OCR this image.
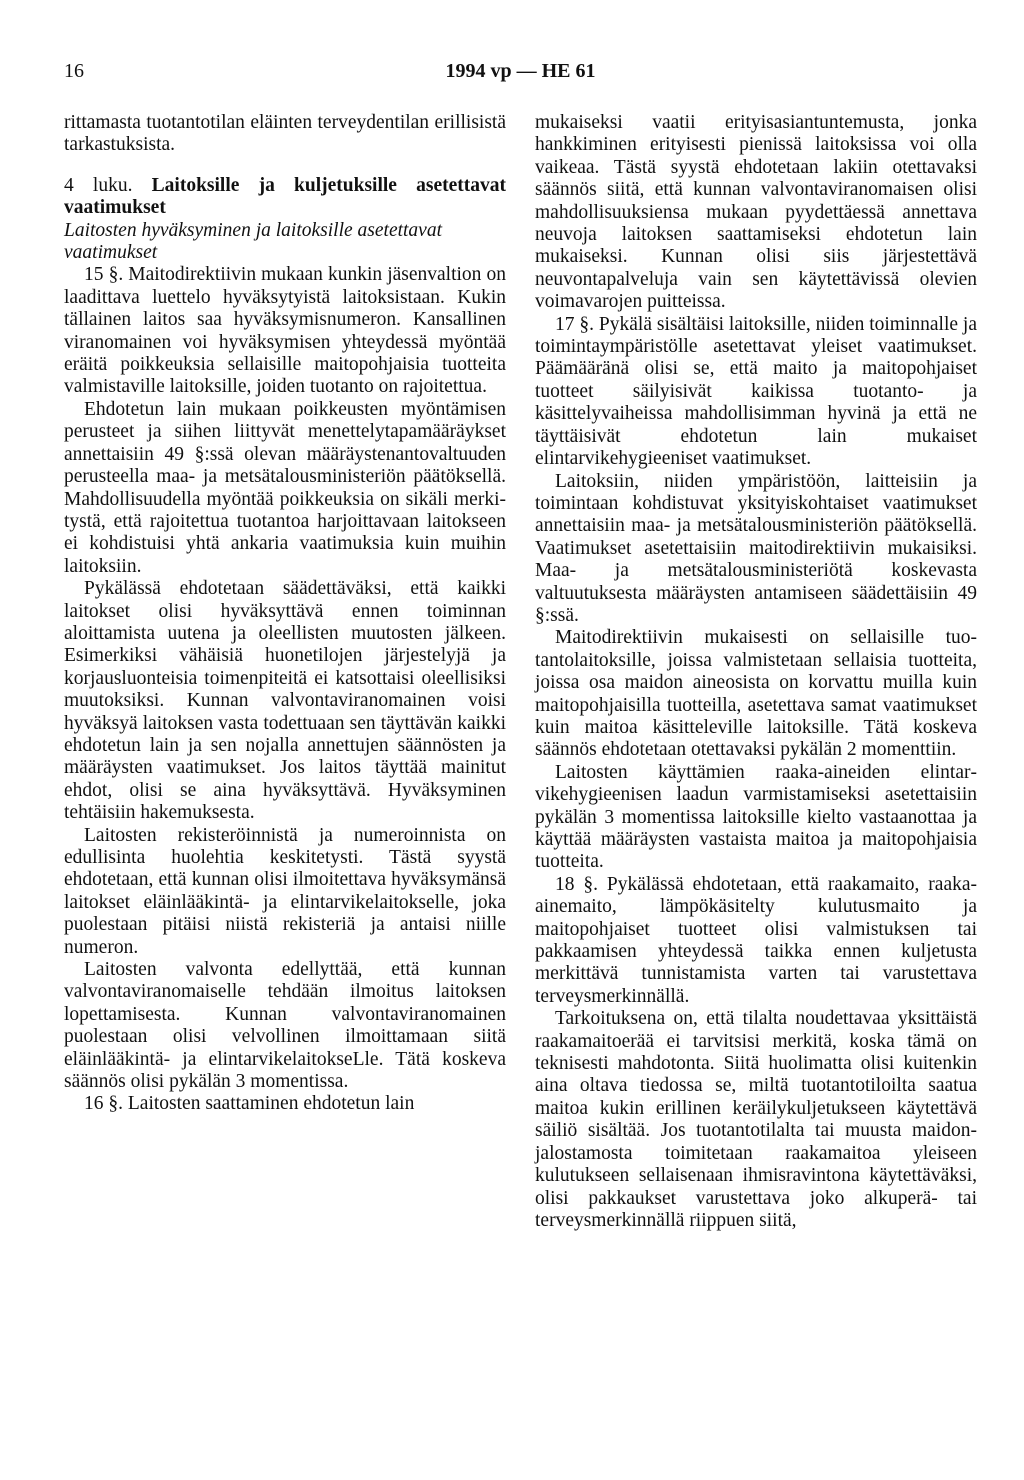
16	1994 vp — HE 61

rittamasta tuotantotilan eläinten terveydentilan erillisistä tarkastuksista.

4 luku. Laitoksille ja kuljetuksille asetettavat vaatimukset

Laitosten hyväksyminen ja laitoksille asetettavat vaatimukset

15 §. Maitodirektiivin mukaan kunkin jäsenvaltion on laadittava luettelo hyväksytyistä laitoksistaan. Kukin tällainen laitos saa hyväksymisnumeron. Kansallinen viranomainen voi hyväksymisen yhteydessä myöntää eräitä poikkeuksia sellaisille maitopohjaisia tuotteita valmistaville laitoksille, joiden tuotanto on rajoitettua.

Ehdotetun lain mukaan poikkeusten myöntämisen perusteet ja siihen liittyvät menettelytapamääräykset annettaisiin 49 §:ssä olevan määräystenantovaltuuden perusteella maa- ja metsätalousministeriön päätöksellä. Mahdollisuudella myöntää poikkeuksia on sikäli merkitystä, että rajoitettua tuotantoa harjoittavaan laitokseen ei kohdistuisi yhtä ankaria vaatimuksia kuin muihin laitoksiin.

Pykälässä ehdotetaan säädettäväksi, että kaikki laitokset olisi hyväksyttävä ennen toiminnan aloittamista uutena ja oleellisten muutosten jälkeen. Esimerkiksi vähäisiä huonetilojen järjestelyjä ja korjausluonteisia toimenpiteitä ei katsottaisi oleellisiksi muutoksiksi. Kunnan valvontaviranomainen voisi hyväksyä laitoksen vasta todettuaan sen täyttävän kaikki ehdotetun lain ja sen nojalla annettujen säännösten ja määräysten vaatimukset. Jos laitos täyttää mainitut ehdot, olisi se aina hyväksyttävä. Hyväksyminen tehtäisiin hakemuksesta.

Laitosten rekisteröinnistä ja numeroinnista on edullisinta huolehtia keskitetysti. Tästä syystä ehdotetaan, että kunnan olisi ilmoitettava hyväksymänsä laitokset eläinlääkintä- ja elintarvikelaitokselle, joka puolestaan pitäisi niistä rekisteriä ja antaisi niille numeron.

Laitosten valvonta edellyttää, että kunnan valvontaviranomaiselle tehdään ilmoitus laitoksen lopettamisesta. Kunnan valvontaviranomainen puolestaan olisi velvollinen ilmoittamaan siitä eläinlääkintä- ja elintarvikelaitokseLle. Tätä koskeva säännös olisi pykälän 3 momentissa.

16 §. Laitosten saattaminen ehdotetun lain

mukaiseksi vaatii erityisasiantuntemusta, jonka hankkiminen erityisesti pienissä laitoksissa voi olla vaikeaa. Tästä syystä ehdotetaan lakiin otettavaksi säännös siitä, että kunnan valvontaviranomaisen olisi mahdollisuuksiensa mukaan pyydettäessä annettava neuvoja laitoksen saattamiseksi ehdotetun lain mukaiseksi. Kunnan olisi siis järjestettävä neuvontapalveluja vain sen käytettävissä olevien voimavarojen puitteissa.

17 §. Pykälä sisältäisi laitoksille, niiden toiminnalle ja toimintaympäristölle asetettavat yleiset vaatimukset. Päämääränä olisi se, että maito ja maitopohjaiset tuotteet säilyisivät kaikissa tuotanto- ja käsittelyvaiheissa mahdollisimman hyvinä ja että ne täyttäisivät ehdotetun lain mukaiset elintarvikehygieeniset vaatimukset.

Laitoksiin, niiden ympäristöön, laitteisiin ja toimintaan kohdistuvat yksityiskohtaiset vaatimukset annettaisiin maa- ja metsätalousministeriön päätöksellä. Vaatimukset asetettaisiin maitodirektiivin mukaisiksi. Maa- ja metsätalousministeriötä koskevasta valtuutuksesta määräysten antamiseen säädettäisiin 49 §:ssä.

Maitodirektiivin mukaisesti on sellaisille tuotantolaitoksille, joissa valmistetaan sellaisia tuotteita, joissa osa maidon aineosista on korvattu muilla kuin maitopohjaisilla tuotteilla, asetettava samat vaatimukset kuin maitoa käsitteleville laitoksille. Tätä koskeva säännös ehdotetaan otettavaksi pykälän 2 momenttiin.

Laitosten käyttämien raaka-aineiden elintarvikehygieenisen laadun varmistamiseksi asetettaisiin pykälän 3 momentissa laitoksille kielto vastaanottaa ja käyttää määräysten vastaista maitoa ja maitopohjaisia tuotteita.

18 §. Pykälässä ehdotetaan, että raakamaito, raaka-ainemaito, lämpökäsitelty kulutusmaito ja maitopohjaiset tuotteet olisi valmistuksen tai pakkaamisen yhteydessä taikka ennen kuljetusta merkittävä tunnistamista varten tai varustettava terveysmerkinnällä.

Tarkoituksena on, että tilalta noudettavaa yksittäistä raakamaitoerää ei tarvitsisi merkitä, koska tämä on teknisesti mahdotonta. Siitä huolimatta olisi kuitenkin aina oltava tiedossa se, miltä tuotantotiloilta saatua maitoa kukin erillinen keräilykuljetukseen käytettävä säiliö sisältää. Jos tuotantotilalta tai muusta maidonjalostamosta toimitetaan raakamaitoa yleiseen kulutukseen sellaisenaan ihmisravintona käytettäväksi, olisi pakkaukset varustettava joko alkuperä- tai terveysmerkinnällä riippuen siitä,
